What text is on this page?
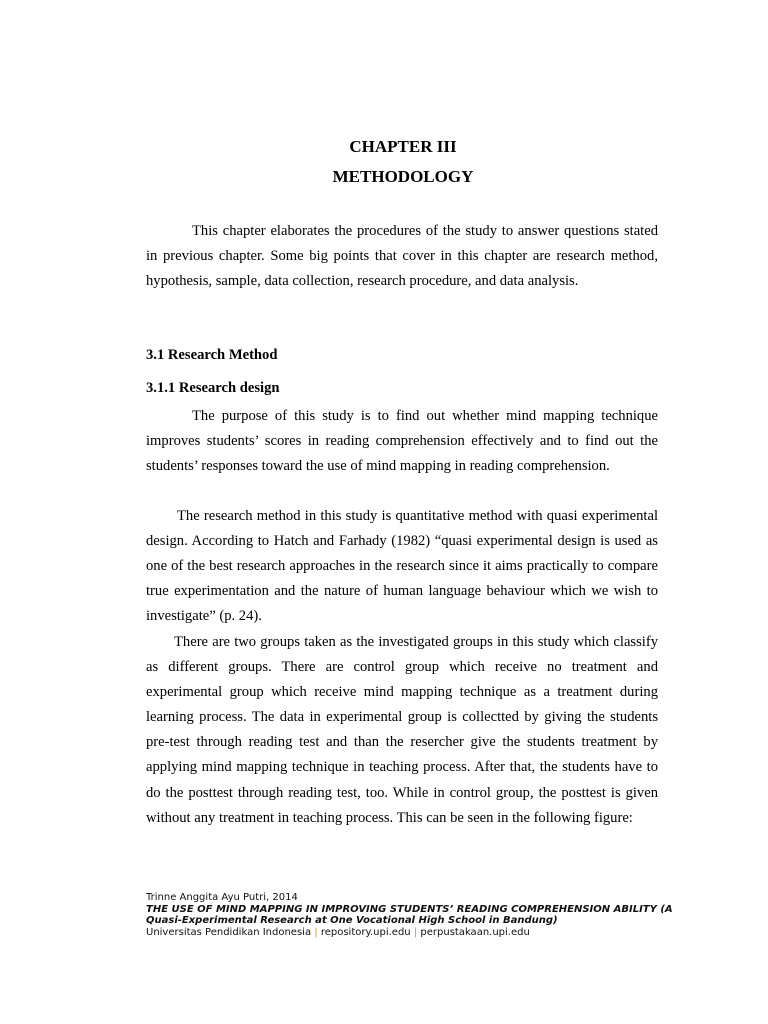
CHAPTER III
METHODOLOGY

This chapter elaborates the procedures of the study to answer questions stated in previous chapter. Some big points that cover in this chapter are research method, hypothesis, sample, data collection, research procedure, and data analysis.

3.1 Research Method
3.1.1 Research design

The purpose of this study is to find out whether mind mapping technique improves students’ scores in reading comprehension effectively and to find out the students’ responses toward the use of mind mapping in reading comprehension.

The research method in this study is quantitative method with quasi experimental design. According to Hatch and Farhady (1982) “quasi experimental design is used as one of the best research approaches in the research since it aims practically to compare true experimentation and the nature of human language behaviour which we wish to investigate” (p. 24).

There are two groups taken as the investigated groups in this study which classify as different groups. There are control group which receive no treatment and experimental group which receive mind mapping technique as a treatment during learning process. The data in experimental group is collectted by giving the students pre-test through reading test and than the resercher give the students treatment by applying mind mapping technique in teaching process. After that, the students have to do the posttest through reading test, too. While in control group, the posttest is given without any treatment in teaching process. This can be seen in the following figure:

Trinne Anggita Ayu Putri, 2014
THE USE OF MIND MAPPING IN IMPROVING STUDENTS’ READING COMPREHENSION ABILITY (A
Quasi-Experimental Research at One Vocational High School in Bandung)
Universitas Pendidikan Indonesia | repository.upi.edu | perpustakaan.upi.edu
